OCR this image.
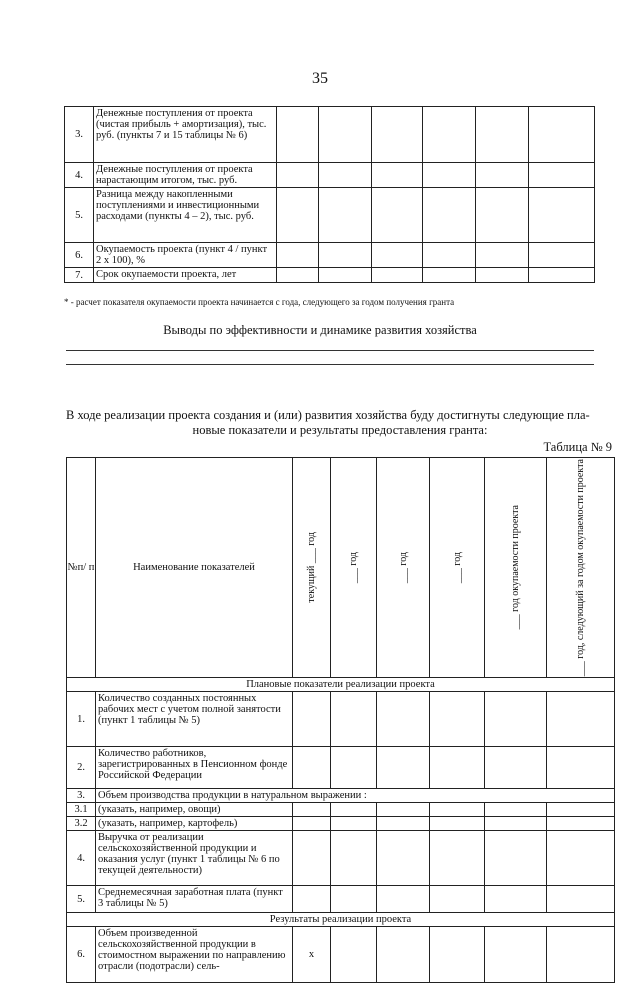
35
3.	Денежные поступления от проекта (чистая прибыль + амортизация), тыс. руб. (пункты 7 и 15 таблицы № 6)						
4.	Денежные поступления от проекта нарастающим итогом, тыс. руб.						
5.	Разница между накопленными поступлениями и инвестиционными расходами (пункты 4 – 2), тыс. руб.						
6.	Окупаемость проекта (пункт 4 / пункт 2 х 100), %						
7.	Срок окупаемости проекта, лет						
* - расчет показателя окупаемости проекта начинается с года, следующего за годом получения гранта
Выводы по эффективности и динамике развития хозяйства
В ходе реализации проекта создания и (или) развития хозяйства буду достигнуты следующие пла-
новые показатели и результаты предоставления гранта:
Таблица № 9
№п/ п	Наименование показателей	текущий ___ год	___ год	___ год	___ год	___ год окупаемости проекта	___ год, следующий за годом окупаемости проекта

Плановые показатели реализации проекта							
1.	Количество созданных постоянных рабочих мест с учетом полной занятости (пункт 1 таблицы № 5)						
2.	Количество работников, зарегистрированных в Пенсионном фонде Российской Федерации						
3.	Объем производства продукции в натуральном выражении :						
3.1	(указать, например, овощи)						
3.2	(указать, например, картофель)						
4.	Выручка от реализации сельскохозяйственной продукции и оказания услуг (пункт 1 таблицы № 6 по текущей деятельности)						
5.	Среднемесячная заработная плата (пункт 3 таблицы № 5)						
Результаты реализации проекта							
6.	Объем произведенной сельскохозяйственной продукции в стоимостном выражении по направлению отрасли (подотрасли) сель-	х					
